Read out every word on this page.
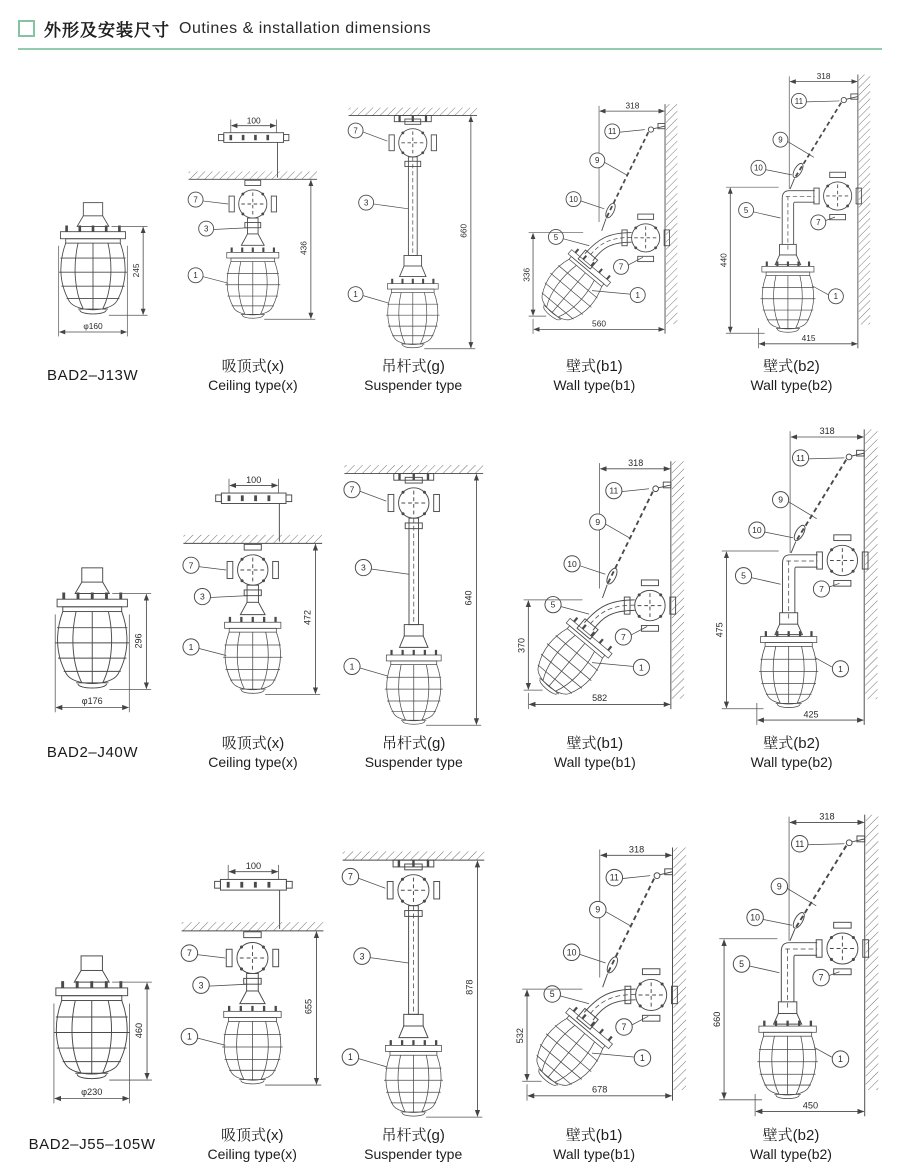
外形及安装尺寸 Outines & installation dimensions
245
φ160
BAD2–J13W
100
436
7
3
1
吸顶式(x)
Ceiling type(x)
660
7
3
1
吊杆式(g)
Suspender type
318
336
560
11
9
10
5
7
1
壁式(b1)
Wall type(b1)
318
440
415
11
9
10
5
7
1
壁式(b2)
Wall type(b2)
296
φ176
BAD2–J40W
100
472
7
3
1
吸顶式(x)
Ceiling type(x)
640
7
3
1
吊杆式(g)
Suspender type
318
370
582
11
9
10
5
7
1
壁式(b1)
Wall type(b1)
318
475
425
11
9
10
5
7
1
壁式(b2)
Wall type(b2)
460
φ230
BAD2–J55–105W
100
655
7
3
1
吸顶式(x)
Ceiling type(x)
878
7
3
1
吊杆式(g)
Suspender type
318
532
678
11
9
10
5
7
1
壁式(b1)
Wall type(b1)
318
660
450
11
9
10
5
7
1
壁式(b2)
Wall type(b2)
